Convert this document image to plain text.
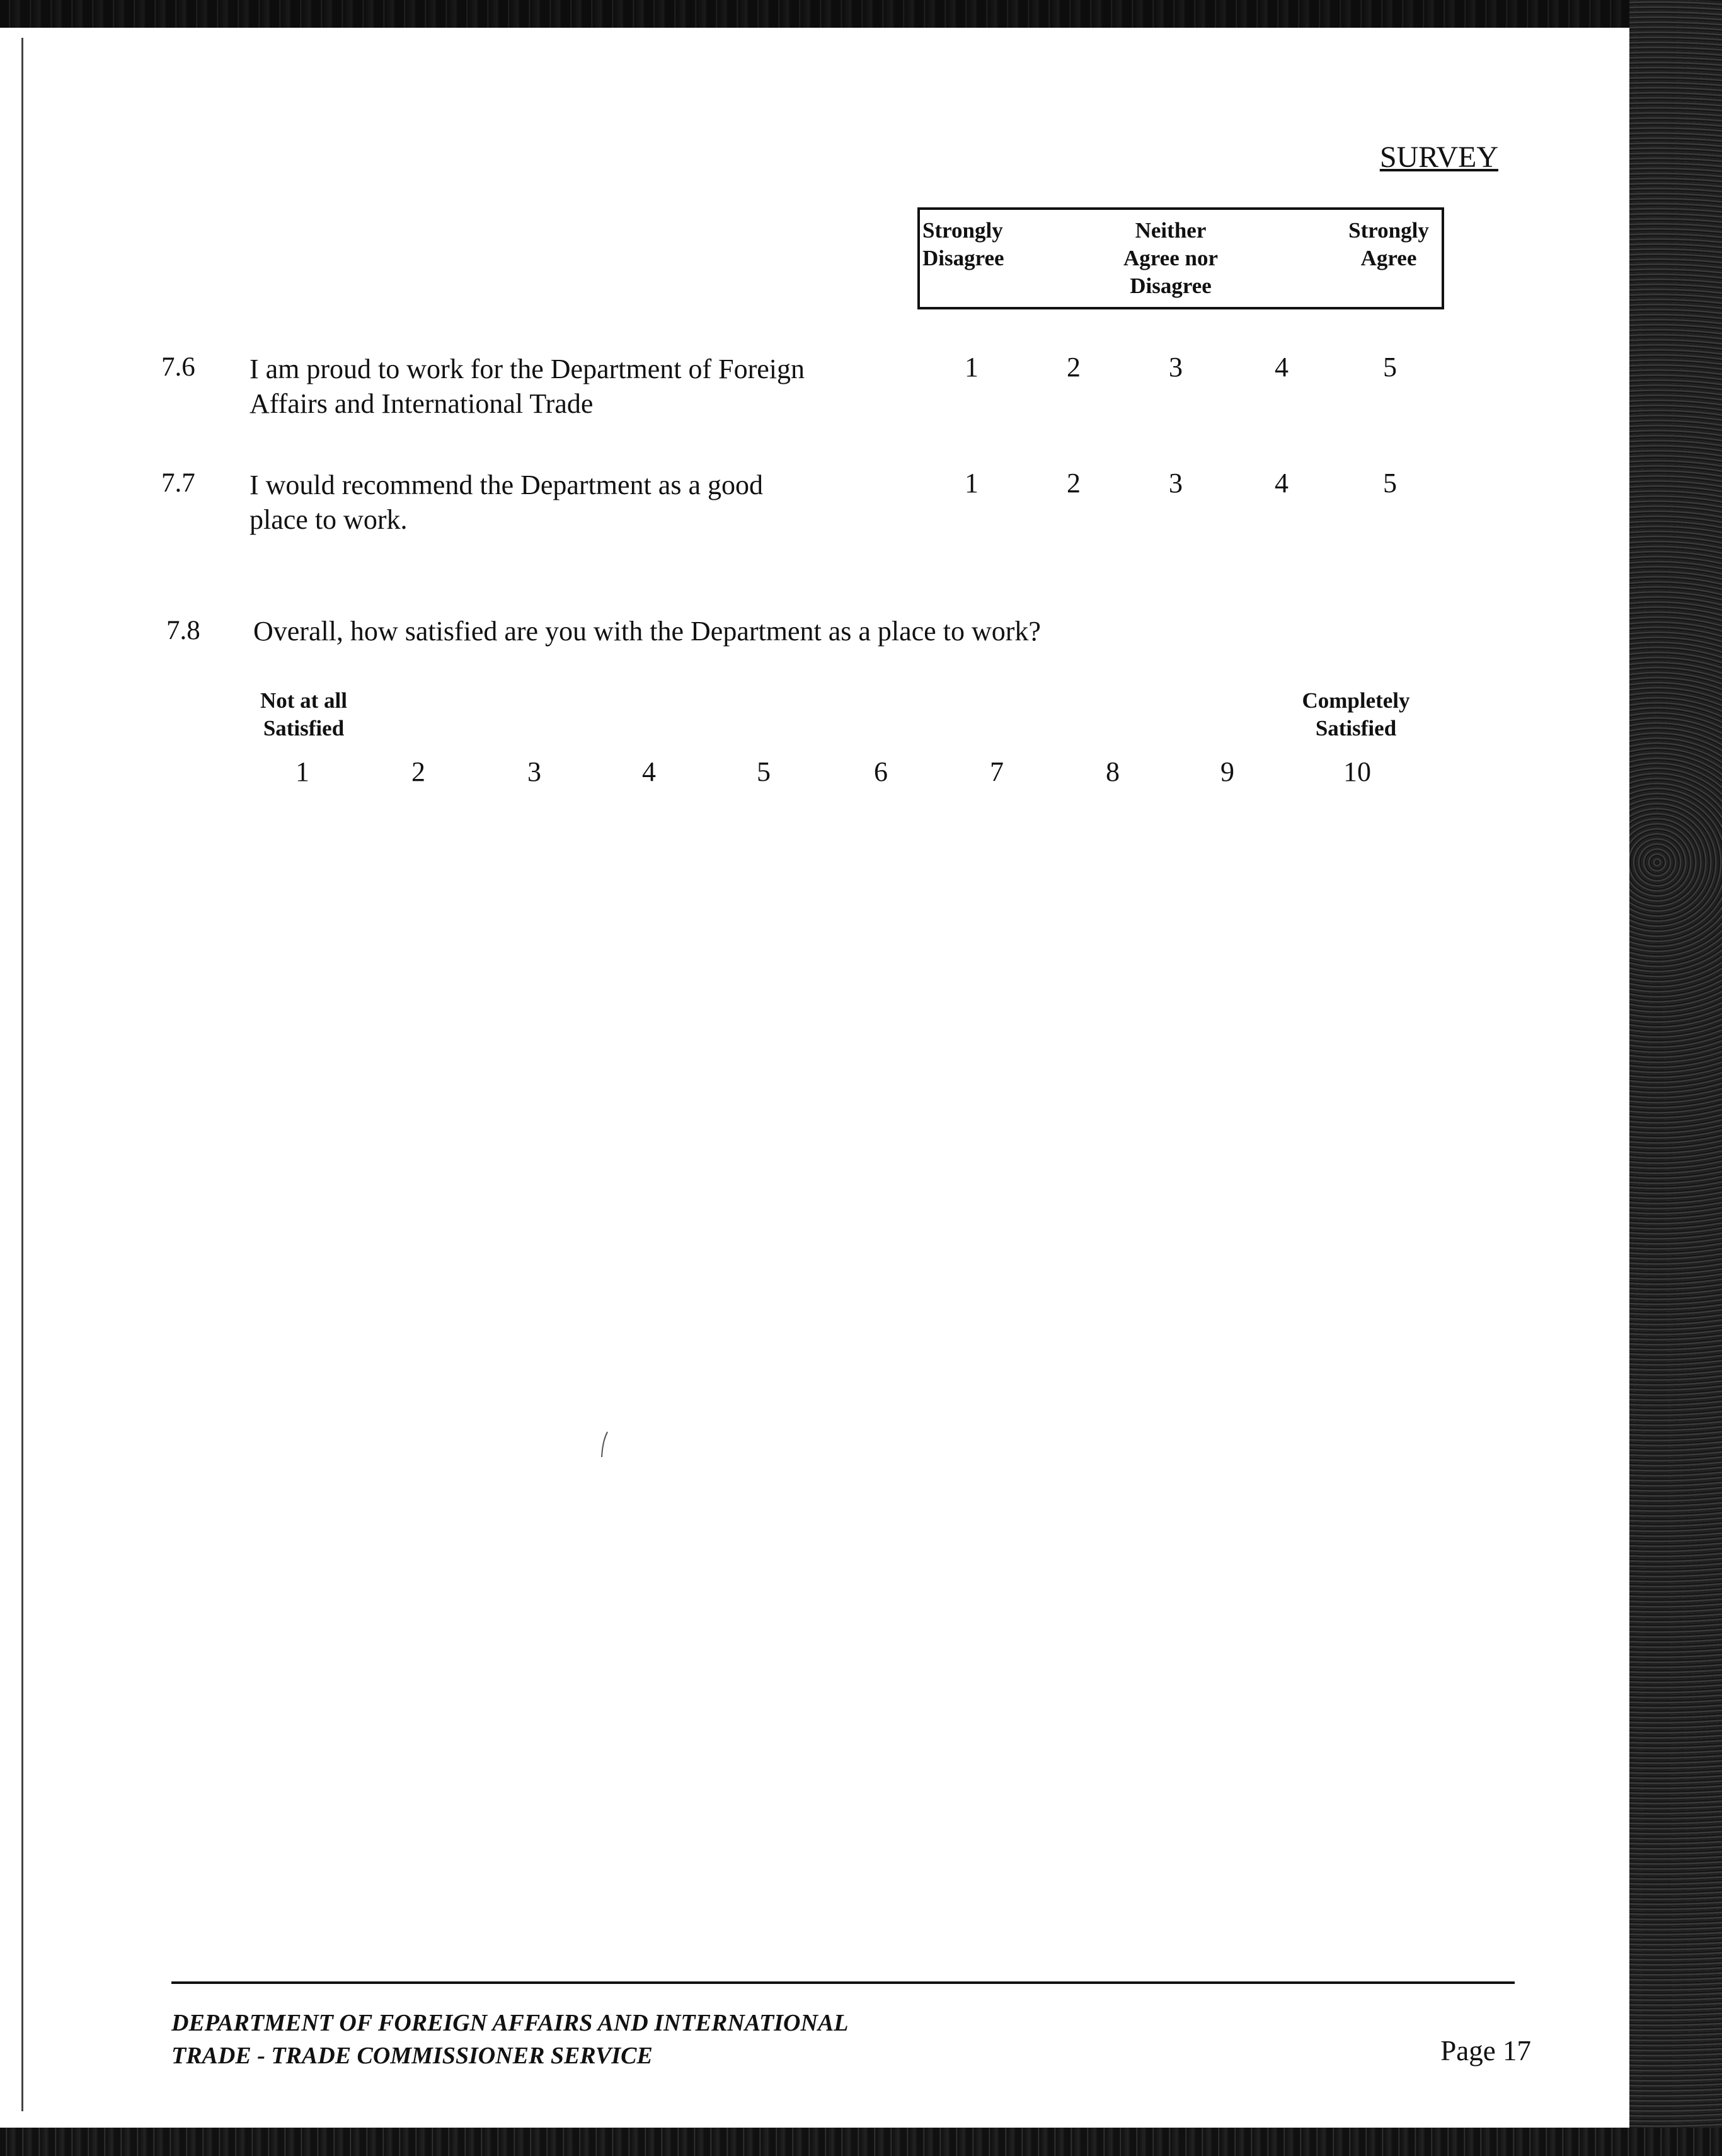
SURVEY
Strongly
Disagree
Neither
Agree nor
Disagree
Strongly
Agree
7.6	I am proud to work for the Department of Foreign
Affairs and International Trade
1	2	3	4	5
7.7	I would recommend the Department as a good
place to work.
1	2	3	4	5
7.8	Overall, how satisfied are you with the Department as a place to work?
Not at all
Satisfied
Completely
Satisfied
1	2	3	4	5	6	7	8	9	10
DEPARTMENT OF FOREIGN AFFAIRS AND INTERNATIONAL
TRADE - TRADE COMMISSIONER SERVICE	Page 17
